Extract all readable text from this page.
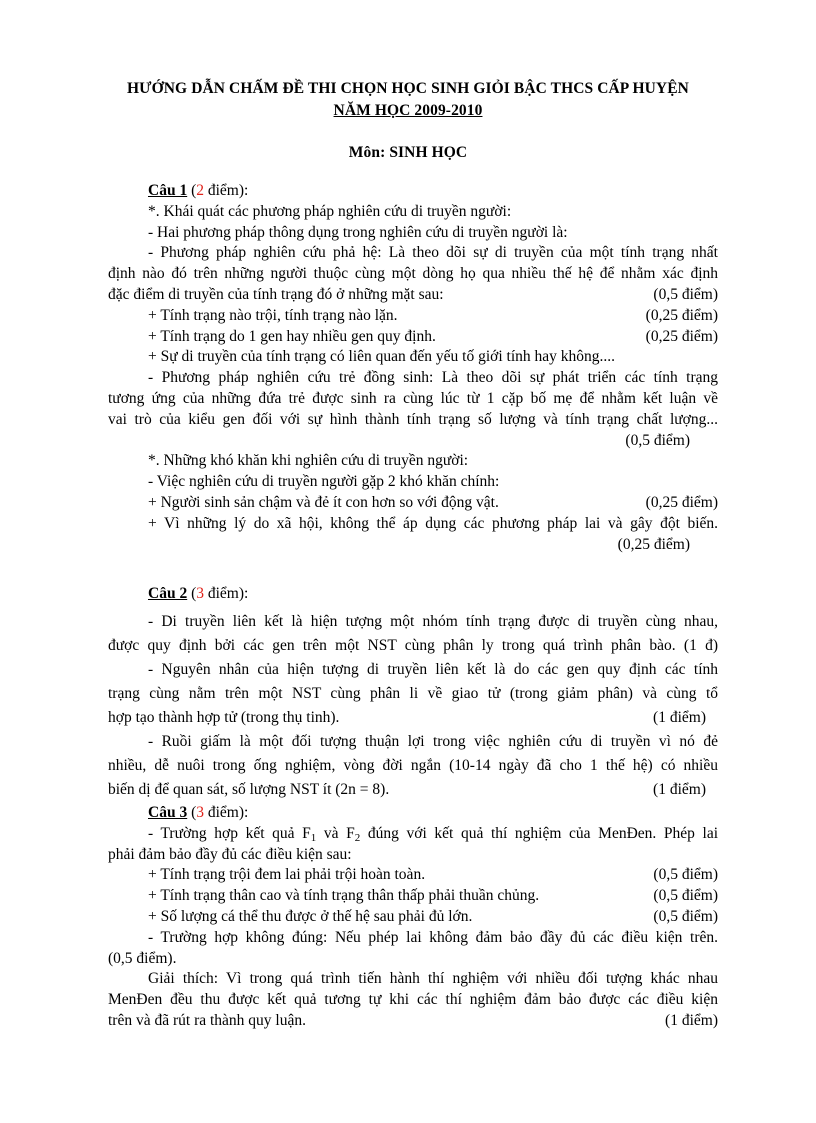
HƯỚNG DẪN CHẤM ĐỀ THI CHỌN HỌC SINH GIỎI BẬC THCS CẤP HUYỆN
NĂM HỌC 2009-2010
Môn: SINH HỌC
Câu 1 (2 điểm):
*. Khái quát các phương pháp nghiên cứu di truyền người:
- Hai phương pháp thông dụng trong nghiên cứu di truyền người là:
- Phương pháp nghiên cứu phả hệ: Là theo dõi sự di truyền của một tính trạng nhất
định nào đó trên những người thuộc cùng một dòng họ qua nhiều thế hệ để nhằm xác định
đặc điểm di truyền của tính trạng đó ở những mặt sau:	(0,5 điểm)
+ Tính trạng nào trội, tính trạng nào lặn.	(0,25 điểm)
+ Tính trạng do 1 gen hay nhiều gen quy định.	(0,25 điểm)
+ Sự di truyền của tính trạng có liên quan đến yếu tố giới tính hay không....
- Phương pháp nghiên cứu trẻ đồng sinh: Là theo dõi sự phát triển các tính trạng
tương ứng của những đứa trẻ được sinh ra cùng lúc từ 1 cặp bố mẹ để nhằm kết luận về
vai trò của kiểu gen đối với sự hình thành tính trạng số lượng và tính trạng chất lượng...
(0,5 điểm)
*. Những khó khăn khi nghiên cứu di truyền người:
- Việc nghiên cứu di truyền người gặp 2 khó khăn chính:
+ Người sinh sản chậm và đẻ ít con hơn so với động vật.	(0,25 điểm)
+ Vì những lý do xã hội, không thể áp dụng các phương pháp lai và gây đột biến.
(0,25 điểm)
Câu 2 (3 điểm):
- Di truyền liên kết là hiện tượng một nhóm tính trạng được di truyền cùng nhau,
được quy định bởi các gen trên một NST cùng phân ly trong quá trình phân bào. (1 đ)
- Nguyên nhân của hiện tượng di truyền liên kết là do các gen quy định các tính
trạng cùng nằm trên một NST cùng phân li về giao tử (trong giảm phân) và cùng tổ
hợp tạo thành hợp tử (trong thụ tinh).	(1 điểm)
- Ruồi giấm là một đối tượng thuận lợi trong việc nghiên cứu di truyền vì nó đẻ
nhiều, dễ nuôi trong ống nghiệm, vòng đời ngắn (10-14 ngày đã cho 1 thế hệ) có nhiều
biến dị để quan sát, số lượng NST ít (2n = 8).	(1 điểm)
Câu 3 (3 điểm):
- Trường hợp kết quả $F_1$ và $F_2$ đúng với kết quả thí nghiệm của MenĐen. Phép lai
phải đảm bảo đầy đủ các điều kiện sau:
+ Tính trạng trội đem lai phải trội hoàn toàn.	(0,5 điểm)
+ Tính trạng thân cao và tính trạng thân thấp phải thuần chủng.	(0,5 điểm)
+ Số lượng cá thể thu được ở thế hệ sau phải đủ lớn.	(0,5 điểm)
- Trường hợp không đúng: Nếu phép lai không đảm bảo đầy đủ các điều kiện trên.
(0,5 điểm).
Giải thích: Vì trong quá trình tiến hành thí nghiệm với nhiều đối tượng khác nhau
MenĐen đều thu được kết quả tương tự khi các thí nghiệm đảm bảo được các điều kiện
trên và đã rút ra thành quy luận.	(1 điểm)
